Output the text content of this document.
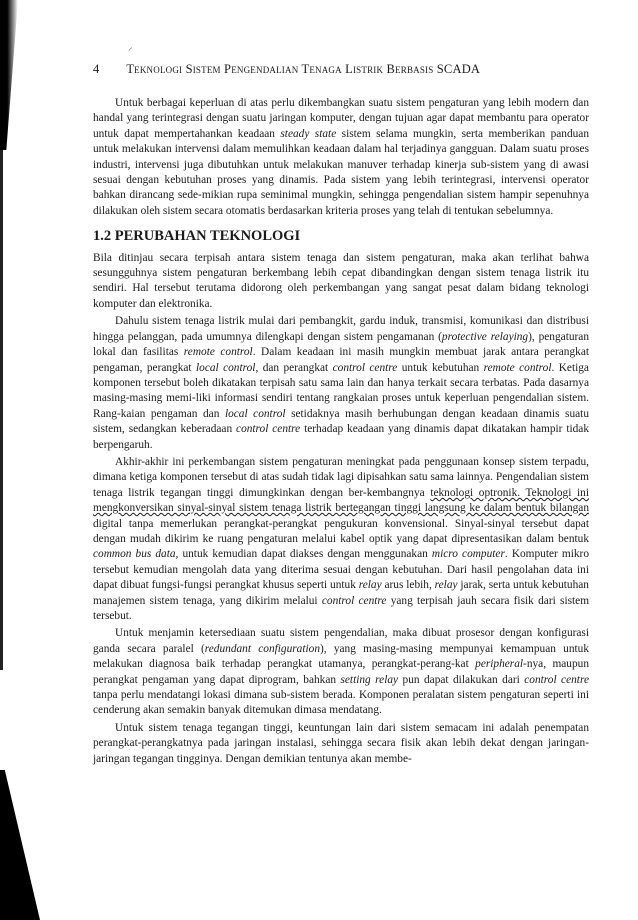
⸝
4 Teknologi Sistem Pengendalian Tenaga Listrik Berbasis SCADA

Untuk berbagai keperluan di atas perlu dikembangkan suatu sistem pengaturan yang lebih modern dan handal yang terintegrasi dengan suatu jaringan komputer, dengan tujuan agar dapat membantu para operator untuk dapat mempertahankan keadaan steady state sistem selama mungkin, serta memberikan panduan untuk melakukan intervensi dalam memulihkan keadaan dalam hal terjadinya gangguan. Dalam suatu proses industri, intervensi juga dibutuhkan untuk melakukan manuver terhadap kinerja sub-sistem yang di awasi sesuai dengan kebutuhan proses yang dinamis. Pada sistem yang lebih terintegrasi, intervensi operator bahkan dirancang sede-mikian rupa seminimal mungkin, sehingga pengendalian sistem hampir sepenuhnya dilakukan oleh sistem secara otomatis berdasarkan kriteria proses yang telah di tentukan sebelumnya.

1.2 PERUBAHAN TEKNOLOGI

Bila ditinjau secara terpisah antara sistem tenaga dan sistem pengaturan, maka akan terlihat bahwa sesungguhnya sistem pengaturan berkembang lebih cepat dibandingkan dengan sistem tenaga listrik itu sendiri. Hal tersebut terutama didorong oleh perkembangan yang sangat pesat dalam bidang teknologi komputer dan elektronika.

Dahulu sistem tenaga listrik mulai dari pembangkit, gardu induk, transmisi, komunikasi dan distribusi hingga pelanggan, pada umumnya dilengkapi dengan sistem pengamanan (protective relaying), pengaturan lokal dan fasilitas remote control. Dalam keadaan ini masih mungkin membuat jarak antara perangkat pengaman, perangkat local control, dan perangkat control centre untuk kebutuhan remote control. Ketiga komponen tersebut boleh dikatakan terpisah satu sama lain dan hanya terkait secara terbatas. Pada dasarnya masing-masing memi-liki informasi sendiri tentang rangkaian proses untuk keperluan pengendalian sistem. Rang-kaian pengaman dan local control setidaknya masih berhubungan dengan keadaan dinamis suatu sistem, sedangkan keberadaan control centre terhadap keadaan yang dinamis dapat dikatakan hampir tidak berpengaruh.

Akhir-akhir ini perkembangan sistem pengaturan meningkat pada penggunaan konsep sistem terpadu, dimana ketiga komponen tersebut di atas sudah tidak lagi dipisahkan satu sama lainnya. Pengendalian sistem tenaga listrik tegangan tinggi dimungkinkan dengan ber-kembangnya teknologi optronik. Teknologi ini mengkonversikan sinyal-sinyal sistem tenaga listrik bertegangan tinggi langsung ke dalam bentuk bilangan digital tanpa memerlukan perangkat-perangkat pengukuran konvensional. Sinyal-sinyal tersebut dapat dengan mudah dikirim ke ruang pengaturan melalui kabel optik yang dapat dipresentasikan dalam bentuk common bus data, untuk kemudian dapat diakses dengan menggunakan micro computer. Komputer mikro tersebut kemudian mengolah data yang diterima sesuai dengan kebutuhan. Dari hasil pengolahan data ini dapat dibuat fungsi-fungsi perangkat khusus seperti untuk relay arus lebih, relay jarak, serta untuk kebutuhan manajemen sistem tenaga, yang dikirim melalui control centre yang terpisah jauh secara fisik dari sistem tersebut.

Untuk menjamin ketersediaan suatu sistem pengendalian, maka dibuat prosesor dengan konfigurasi ganda secara paralel (redundant configuration), yang masing-masing mempunyai kemampuan untuk melakukan diagnosa baik terhadap perangkat utamanya, perangkat-perang-kat peripheral-nya, maupun perangkat pengaman yang dapat diprogram, bahkan setting relay pun dapat dilakukan dari control centre tanpa perlu mendatangi lokasi dimana sub-sistem berada. Komponen peralatan sistem pengaturan seperti ini cenderung akan semakin banyak ditemukan dimasa mendatang.

Untuk sistem tenaga tegangan tinggi, keuntungan lain dari sistem semacam ini adalah penempatan perangkat-perangkatnya pada jaringan instalasi, sehingga secara fisik akan lebih dekat dengan jaringan-jaringan tegangan tingginya. Dengan demikian tentunya akan membe-
